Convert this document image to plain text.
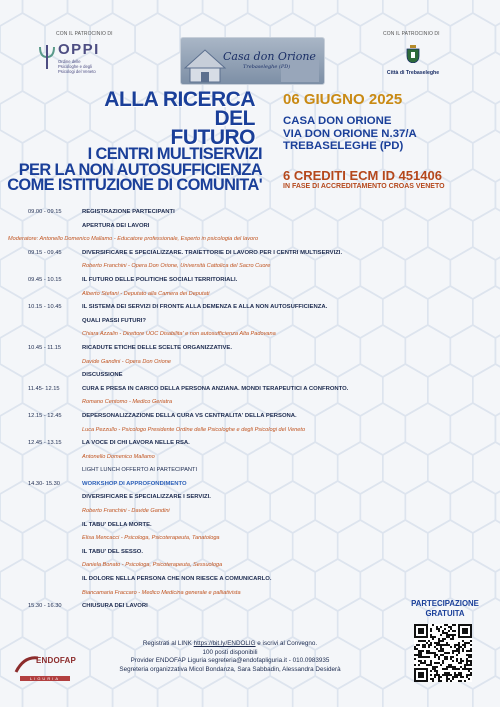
CON IL PATROCINIO DI	CON IL PATROCINIO DI
OPPI
Ordine delle
Psicologhe e degli
Psicologi del Veneto
Casa don Orione
Trebaseleghe (PD)
Città di Trebaseleghe
ALLA RICERCA DEL
FUTURO
06 GIUGNO 2025
CASA DON ORIONE
VIA DON ORIONE N.37/A
TREBASELEGHE (PD)
I CENTRI MULTISERVIZI
PER LA NON AUTOSUFFICIENZA
COME ISTITUZIONE DI COMUNITA'
6 CREDITI ECM ID 451406
IN FASE DI ACCREDITAMENTO CROAS VENETO
09.00 - 09.15	REGISTRAZIONE PARTECIPANTI
APERTURA DEI LAVORI
Moderatore: Antonello Domenico Mallamo - Educatore professionale, Esperto in psicologia del lavoro
09.15 - 09.45	DIVERSIFICARE E SPECIALIZZARE. TRAIETTORIE DI LAVORO PER I CENTRI MULTISERVIZI.
Roberto Franchini - Opera Don Orione, Università Cattolica del Sacro Cuore
09.45 - 10.15	IL FUTURO DELLE POLITICHE SOCIALI TERRITORIALI.
Alberto Stefani - Deputato alla Camera dei Deputati
10.15 - 10.45	IL SISTEMA DEI SERVIZI DI FRONTE ALLA DEMENZA E ALLA NON AUTOSUFFICIENZA.
QUALI PASSI FUTURI?
Chiara Azzalin - Direttore UOC Disabilita' e non autosufficienza Alta Padovana
10.45 - 11.15	RICADUTE ETICHE DELLE SCELTE ORGANIZZATIVE.
Davide Gandini - Opera Don Orione
DISCUSSIONE
11.45- 12.15	CURA E PRESA IN CARICO DELLA PERSONA ANZIANA. MONDI TERAPEUTICI A CONFRONTO.
Romano Centomo - Medico Geriatra
12.15 - 12.45	DEPERSONALIZZAZIONE DELLA CURA VS CENTRALITA' DELLA PERSONA.
Luca Pezzullo - Psicologo Presidente Ordine delle Psicologhe e degli Psicologi del Veneto
12.45 - 13.15	LA VOCE DI CHI LAVORA NELLE RSA.
Antonello Domenico Mallamo
LIGHT LUNCH OFFERTO AI PARTECIPANTI
14.30- 15.30	WORKSHOP DI APPROFONDIMENTO
DIVERSIFICARE E SPECIALIZZARE I SERVIZI.
Roberto Franchini - Davide Gandini
IL TABU' DELLA MORTE.
Elisa Mencacci - Psicologa, Psicoterapeuta, Tanatologa
IL TABU' DEL SESSO.
Daniela Bonato - Psicologa, Psicoterapeuta, Sessuologa
IL DOLORE NELLA PERSONA CHE NON RIESCE A COMUNICARLO.
Biancamaria Fraccaro - Medico Medicina generale e palliativista
15.30 - 16.30	CHIUSURA DEI LAVORI	PARTECIPAZIONE
GRATUITA
Registrati al LINK https://bit.ly/ENDOLIG e iscrivi al Convegno.
100 posti disponibili
Provider ENDOFAP Liguria segreteria@endofapliguria.it - 010.0983935
Segreteria organizzativa Micol Bondanza, Sara Sabbadin, Alessandra Desiderà
ENDOFAP
LIGURIA
